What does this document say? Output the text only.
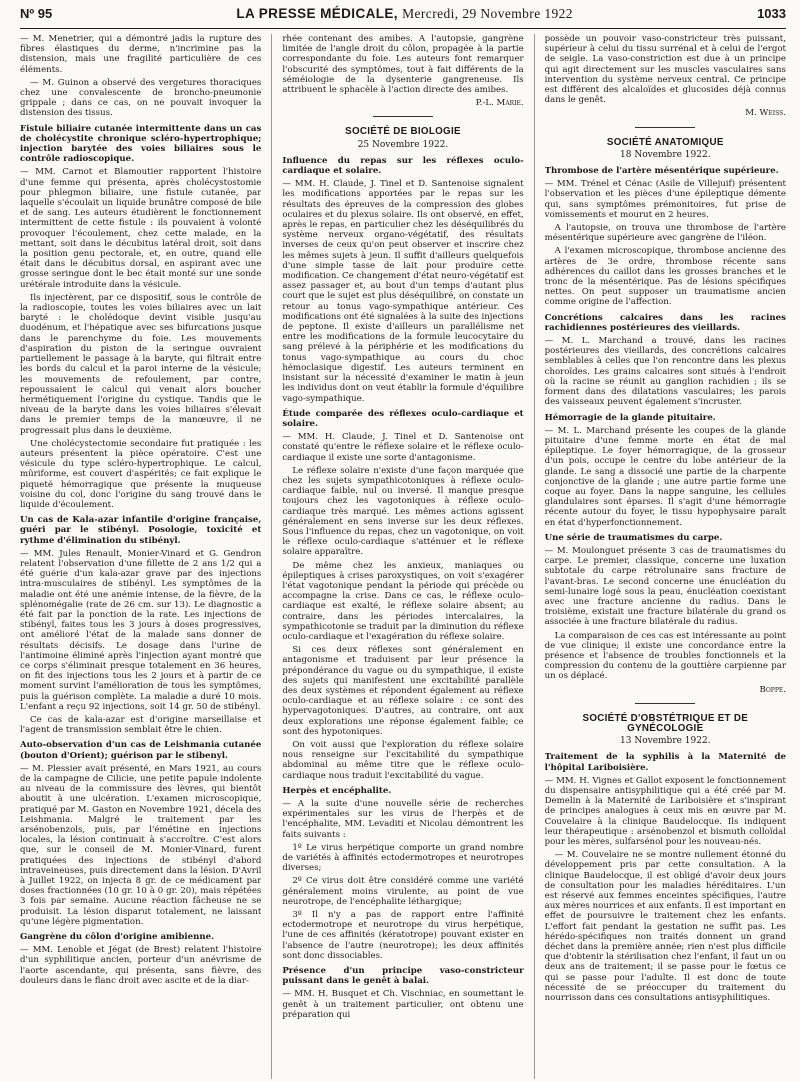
Nº 95	LA PRESSE MÉDICALE, Mercredi, 29 Novembre 1922	1033

— M. Menetrier, qui a démontré jadis la rupture des fibres élastiques du derme, n'incrimine pas la distension, mais une fragilité particulière de ces éléments.

— M. Guinon a observé des vergetures thoraciques chez une convalescente de broncho-pneumonie grippale ; dans ce cas, on ne pouvait invoquer la distension des tissus.

Fistule biliaire cutanée intermittente dans un cas de cholécystite chronique scléro-hypertrophique; injection barytée des voies biliaires sous le contrôle radioscopique.

— MM. Carnot et Blamoutier rapportent l'histoire d'une femme qui présenta, après cholécystostomie pour phlegmon biliaire, une fistule cutanée, par laquelle s'écoulait un liquide brunâtre composé de bile et de sang. Les auteurs étudièrent le fonctionnement intermittent de cette fistule : ils pouvaient à volonté provoquer l'écoulement, chez cette malade, en la mettant, soit dans le décubitus latéral droit, soit dans la position genu pectorale, et, en outre, quand elle était dans le décubitus dorsal, en aspirant avec une grosse seringue dont le bec était monté sur une sonde urétérale introduite dans la vésicule.

Ils injectèrent, par ce dispositif, sous le contrôle de la radioscopie, toutes les voies biliaires avec un lait baryté : le cholédoque devint visible jusqu'au duodénum, et l'hépatique avec ses bifurcations jusque dans le parenchyme du foie. Les mouvements d'aspiration du piston de la seringue ouvraient partiellement le passage à la baryte, qui filtrait entre les bords du calcul et la paroi interne de la vésicule; les mouvements de refoulement, par contre, repoussaient le calcul qui venait alors boucher hermétiquement l'origine du cystique. Tandis que le niveau de la baryte dans les voies biliaires s'élevait dans le premier temps de la manœuvre, il ne progressait plus dans le deuxième.

Une cholécystectomie secondaire fut pratiquée : les auteurs présentent la pièce opératoire. C'est une vésicule du type scléro-hypertrophique. Le calcul, mûriforme, est couvert d'aspérités; ce fait explique le piqueté hémorragique que présente la muqueuse voisine du col, donc l'origine du sang trouvé dans le liquide d'écoulement.

Un cas de Kala-azar infantile d'origine française, guéri par le stibényl. Posologie, toxicité et rythme d'élimination du stibényl.

— MM. Jules Renault, Monier-Vinard et G. Gendron relatent l'observation d'une fillette de 2 ans 1/2 qui a été guérie d'un kala-azar grave par des injections intra-musculaires de stibényl. Les symptômes de la maladie ont été une anémie intense, de la fièvre, de la splénomégalie (rate de 26 cm. sur 13). Le diagnostic a été fait par la ponction de la rate. Les injections de stibényl, faites tous les 3 jours à doses progressives, ont amélioré l'état de la malade sans donner de résultats décisifs. Le dosage dans l'urine de l'antimoine éliminé après l'injection ayant montré que ce corps s'éliminait presque totalement en 36 heures, on fit des injections tous les 2 jours et à partir de ce moment survint l'amélioration de tous les symptômes, puis la guérison complète. La maladie a duré 10 mois. L'enfant a reçu 92 injections, soit 14 gr. 50 de stibényl.

Ce cas de kala-azar est d'origine marseillaise et l'agent de transmission semblait être le chien.

Auto-observation d'un cas de Leishmania cutanée (bouton d'Orient); guérison par le stibenyl.

— M. Plessier avait présenté, en Mars 1921, au cours de la campagne de Cilicie, une petite papule indolente au niveau de la commissure des lèvres, qui bientôt aboutit à une ulcération. L'examen microscopique, pratiqué par M. Gaston en Novembre 1921, décela des Leishmania. Malgré le traitement par les arsénobenzols, puis, par l'émétine en injections locales, la lésion continuait à s'accroître. C'est alors que, sur le conseil de M. Monier-Vinard, furent pratiquées des injections de stibényl d'abord intraveineuses, puis directement dans la lésion. D'Avril à Juillet 1922, on injecta 8 gr. de ce médicament par doses fractionnées (10 gr. 10 à 0 gr. 20), mais répétées 3 fois par semaine. Aucune réaction fâcheuse ne se produisit. La lésion disparut totalement, ne laissant qu'une légère pigmentation.

Gangrène du côlon d'origine amibienne.

— MM. Lenoble et Jégat (de Brest) relatent l'histoire d'un syphilitique ancien, porteur d'un anévrisme de l'aorte ascendante, qui présenta, sans fièvre, des douleurs dans le flanc droit avec ascite et de la diar-

rhée contenant des amibes. A l'autopsie, gangrène limitée de l'angle droit du côlon, propagée à la partie correspondante du foie. Les auteurs font remarquer l'obscurité des symptômes, tout à fait différents de la séméiologie de la dysenterie gangreneuse. Ils attribuent le sphacèle à l'action directe des amibes.

P.-L. Marie.

SOCIÉTÉ DE BIOLOGIE
25 Novembre 1922.

Influence du repas sur les réflexes oculo-cardiaque et solaire.

— MM. H. Claude, J. Tinel et D. Santenoise signalent les modifications apportées par le repas sur les résultats des épreuves de la compression des globes oculaires et du plexus solaire. Ils ont observé, en effet, après le repas, en particulier chez les déséquilibrés du système nerveux organo-végétatif, des résultats inverses de ceux qu'on peut observer et inscrire chez les mêmes sujets à jeun. Il suffit d'ailleurs quelquefois d'une simple tasse de lait pour produire cette modification. Ce changement d'état neuro-végétatif est assez passager et, au bout d'un temps d'autant plus court que le sujet est plus déséquilibré, on constate un retour au tonus vago-sympathique antérieur. Ces modifications ont été signalées à la suite des injections de peptone. Il existe d'ailleurs un parallélisme net entre les modifications de la formule leucocytaire du sang prélevé à la périphérie et les modifications du tonus vago-sympathique au cours du choc hémoclasique digestif. Les auteurs terminent en insistant sur la nécessité d'examiner le matin à jeun les individus dont on veut établir la formule d'équilibre vago-sympathique.

Étude comparée des réflexes oculo-cardiaque et solaire.

— MM. H. Claude, J. Tinel et D. Santenoise ont constaté qu'entre le réflexe solaire et le réflexe oculo-cardiaque il existe une sorte d'antagonisme.

Le réflexe solaire n'existe d'une façon marquée que chez les sujets sympathicotoniques à réflexe oculo-cardiaque faible, nul ou inversé. Il manque presque toujours chez les vagotoniques à réflexe oculo-cardiaque très marqué. Les mêmes actions agissent généralement en sens inverse sur les deux réflexes. Sous l'influence du repas, chez un vagotonique, on voit le réflexe oculo-cardiaque s'atténuer et le réflexe solaire apparaître.

De même chez les anxieux, maniaques ou épileptiques à crises paroxystiques, on voit s'exagérer l'état vagotonique pendant la période qui précède ou accompagne la crise. Dans ce cas, le réflexe oculo-cardiaque est exalté, le réflexe solaire absent; au contraire, dans les périodes intercalaires, la sympathicotonie se traduit par la diminution du réflexe oculo-cardiaque et l'exagération du réflexe solaire.

Si ces deux réflexes sont généralement en antagonisme et traduisent par leur présence la prépondérance du vague ou du sympathique, il existe des sujets qui manifestent une excitabilité parallèle des deux systèmes et répondent également au réflexe oculo-cardiaque et au réflexe solaire : ce sont des hypervagotoniques. D'autres, au contraire, ont aux deux explorations une réponse également faible; ce sont des hypotoniques.

On voit aussi que l'exploration du réflexe solaire nous renseigne sur l'excitabilité du sympathique abdominal au même titre que le réflexe oculo-cardiaque nous traduit l'excitabilité du vague.

Herpès et encéphalite.

— A la suite d'une nouvelle série de recherches expérimentales sur les virus de l'herpès et de l'encéphalite, MM. Levaditi et Nicolau démontrent les faits suivants :

1º Le virus herpétique comporte un grand nombre de variétés à affinités ectodermotropes et neurotropes diverses;

2º Ce virus doit être considéré comme une variété généralement moins virulente, au point de vue neurotrope, de l'encéphalite léthargique;

3º Il n'y a pas de rapport entre l'affinité ectodermotrope et neurotrope du virus herpétique, l'une de ces affinités (kératotrope) pouvant exister en l'absence de l'autre (neurotrope); les deux affinités sont donc dissociables.

Présence d'un principe vaso-constricteur puissant dans le genêt à balai.

— MM. H. Busquet et Ch. Vischniac, en soumettant le genêt à un traitement particulier, ont obtenu une préparation qui

possède un pouvoir vaso-constricteur très puissant, supérieur à celui du tissu surrénal et à celui de l'ergot de seigle. La vaso-constriction est due à un principe qui agit directement sur les muscles vasculaires sans intervention du système nerveux central. Ce principe est différent des alcaloïdes et glucosides déjà connus dans le genêt.

M. Weiss.

SOCIÉTÉ ANATOMIQUE
18 Novembre 1922.

Thrombose de l'artère mésentérique supérieure.

— MM. Trénel et Cénac (Asile de Villejuif) présentent l'observation et les pièces d'une épileptique démente qui, sans symptômes prémonitoires, fut prise de vomissements et mourut en 2 heures.

A l'autopsie, on trouva une thrombose de l'artère mésentérique supérieure avec gangrène de l'iléon.

A l'examen microscopique, thrombose ancienne des artères de 3e ordre, thrombose récente sans adhérences du caillot dans les grosses branches et le tronc de la mésentérique. Pas de lésions spécifiques nettes. On peut supposer un traumatisme ancien comme origine de l'affection.

Concrétions calcaires dans les racines rachidiennes postérieures des vieillards.

— M. L. Marchand a trouvé, dans les racines postérieures des vieillards, des concrétions calcaires semblables à celles que l'on rencontre dans les plexus choroïdes. Les grains calcaires sont situés à l'endroit où la racine se réunit au ganglion rachidien ; ils se forment dans des dilatations vasculaires; les parois des vaisseaux peuvent également s'incruster.

Hémorragie de la glande pituitaire.

— M. L. Marchand présente les coupes de la glande pituitaire d'une femme morte en état de mal épileptique. Le foyer hémorragique, de la grosseur d'un pois, occupe le centre du lobe antérieur de la glande. Le sang a dissocié une partie de la charpente conjonctive de la glande ; une autre partie forme une coque au foyer. Dans la nappe sanguine, les cellules glandulaires sont éparses. Il s'agit d'une hémorragie récente autour du foyer, le tissu hypophysaire paraît en état d'hyperfonctionnement.

Une série de traumatismes du carpe.

— M. Moulonguet présente 3 cas de traumatismes du carpe. Le premier, classique, concerne une luxation subtotale du carpe rétrolunaire sans fracture de l'avant-bras. Le second concerne une énucléation du semi-lunaire logé sous la peau, énucléation coexistant avec une fracture ancienne du radius. Dans le troisième, existait une fracture bilatérale du grand os associée à une fracture bilatérale du radius.

La comparaison de ces cas est intéressante au point de vue clinique; il existe une concordance entre la présence et l'absence de troubles fonctionnels et la compression du contenu de la gouttière carpienne par un os déplacé.

Boppe.

SOCIÉTÉ D'OBSTÉTRIQUE ET DE GYNÉCOLOGIE
13 Novembre 1922.

Traitement de la syphilis à la Maternité de l'hôpital Lariboisière.

— MM. H. Vignes et Gallot exposent le fonctionnement du dispensaire antisyphilitique qui a été créé par M. Demelin à la Maternité de Lariboisière et s'inspirant de principes analogues à ceux mis en œuvre par M. Couvelaire à la clinique Baudelocque. Ils indiquent leur thérapeutique : arsénobenzol et bismuth colloïdal pour les mères, sulfarsénol pour les nouveau-nés.

— M. Couvelaire ne se montre nullement étonné du développement pris par cette consultation. A la clinique Baudelocque, il est obligé d'avoir deux jours de consultation pour les maladies héréditaires. L'un est réservé aux femmes enceintes spécifiques, l'autre aux mères nourrices et aux enfants. Il est important en effet de poursuivre le traitement chez les enfants. L'effort fait pendant la gestation ne suffit pas. Les hérédo-spécifiques non traités donnent un grand déchet dans la première année; rien n'est plus difficile que d'obtenir la stérilisation chez l'enfant, il faut un ou deux ans de traitement; il se passe pour le fœtus ce qui se passe pour l'adulte. Il est donc de toute nécessité de se préoccuper du traitement du nourrisson dans ces consultations antisyphilitiques.
